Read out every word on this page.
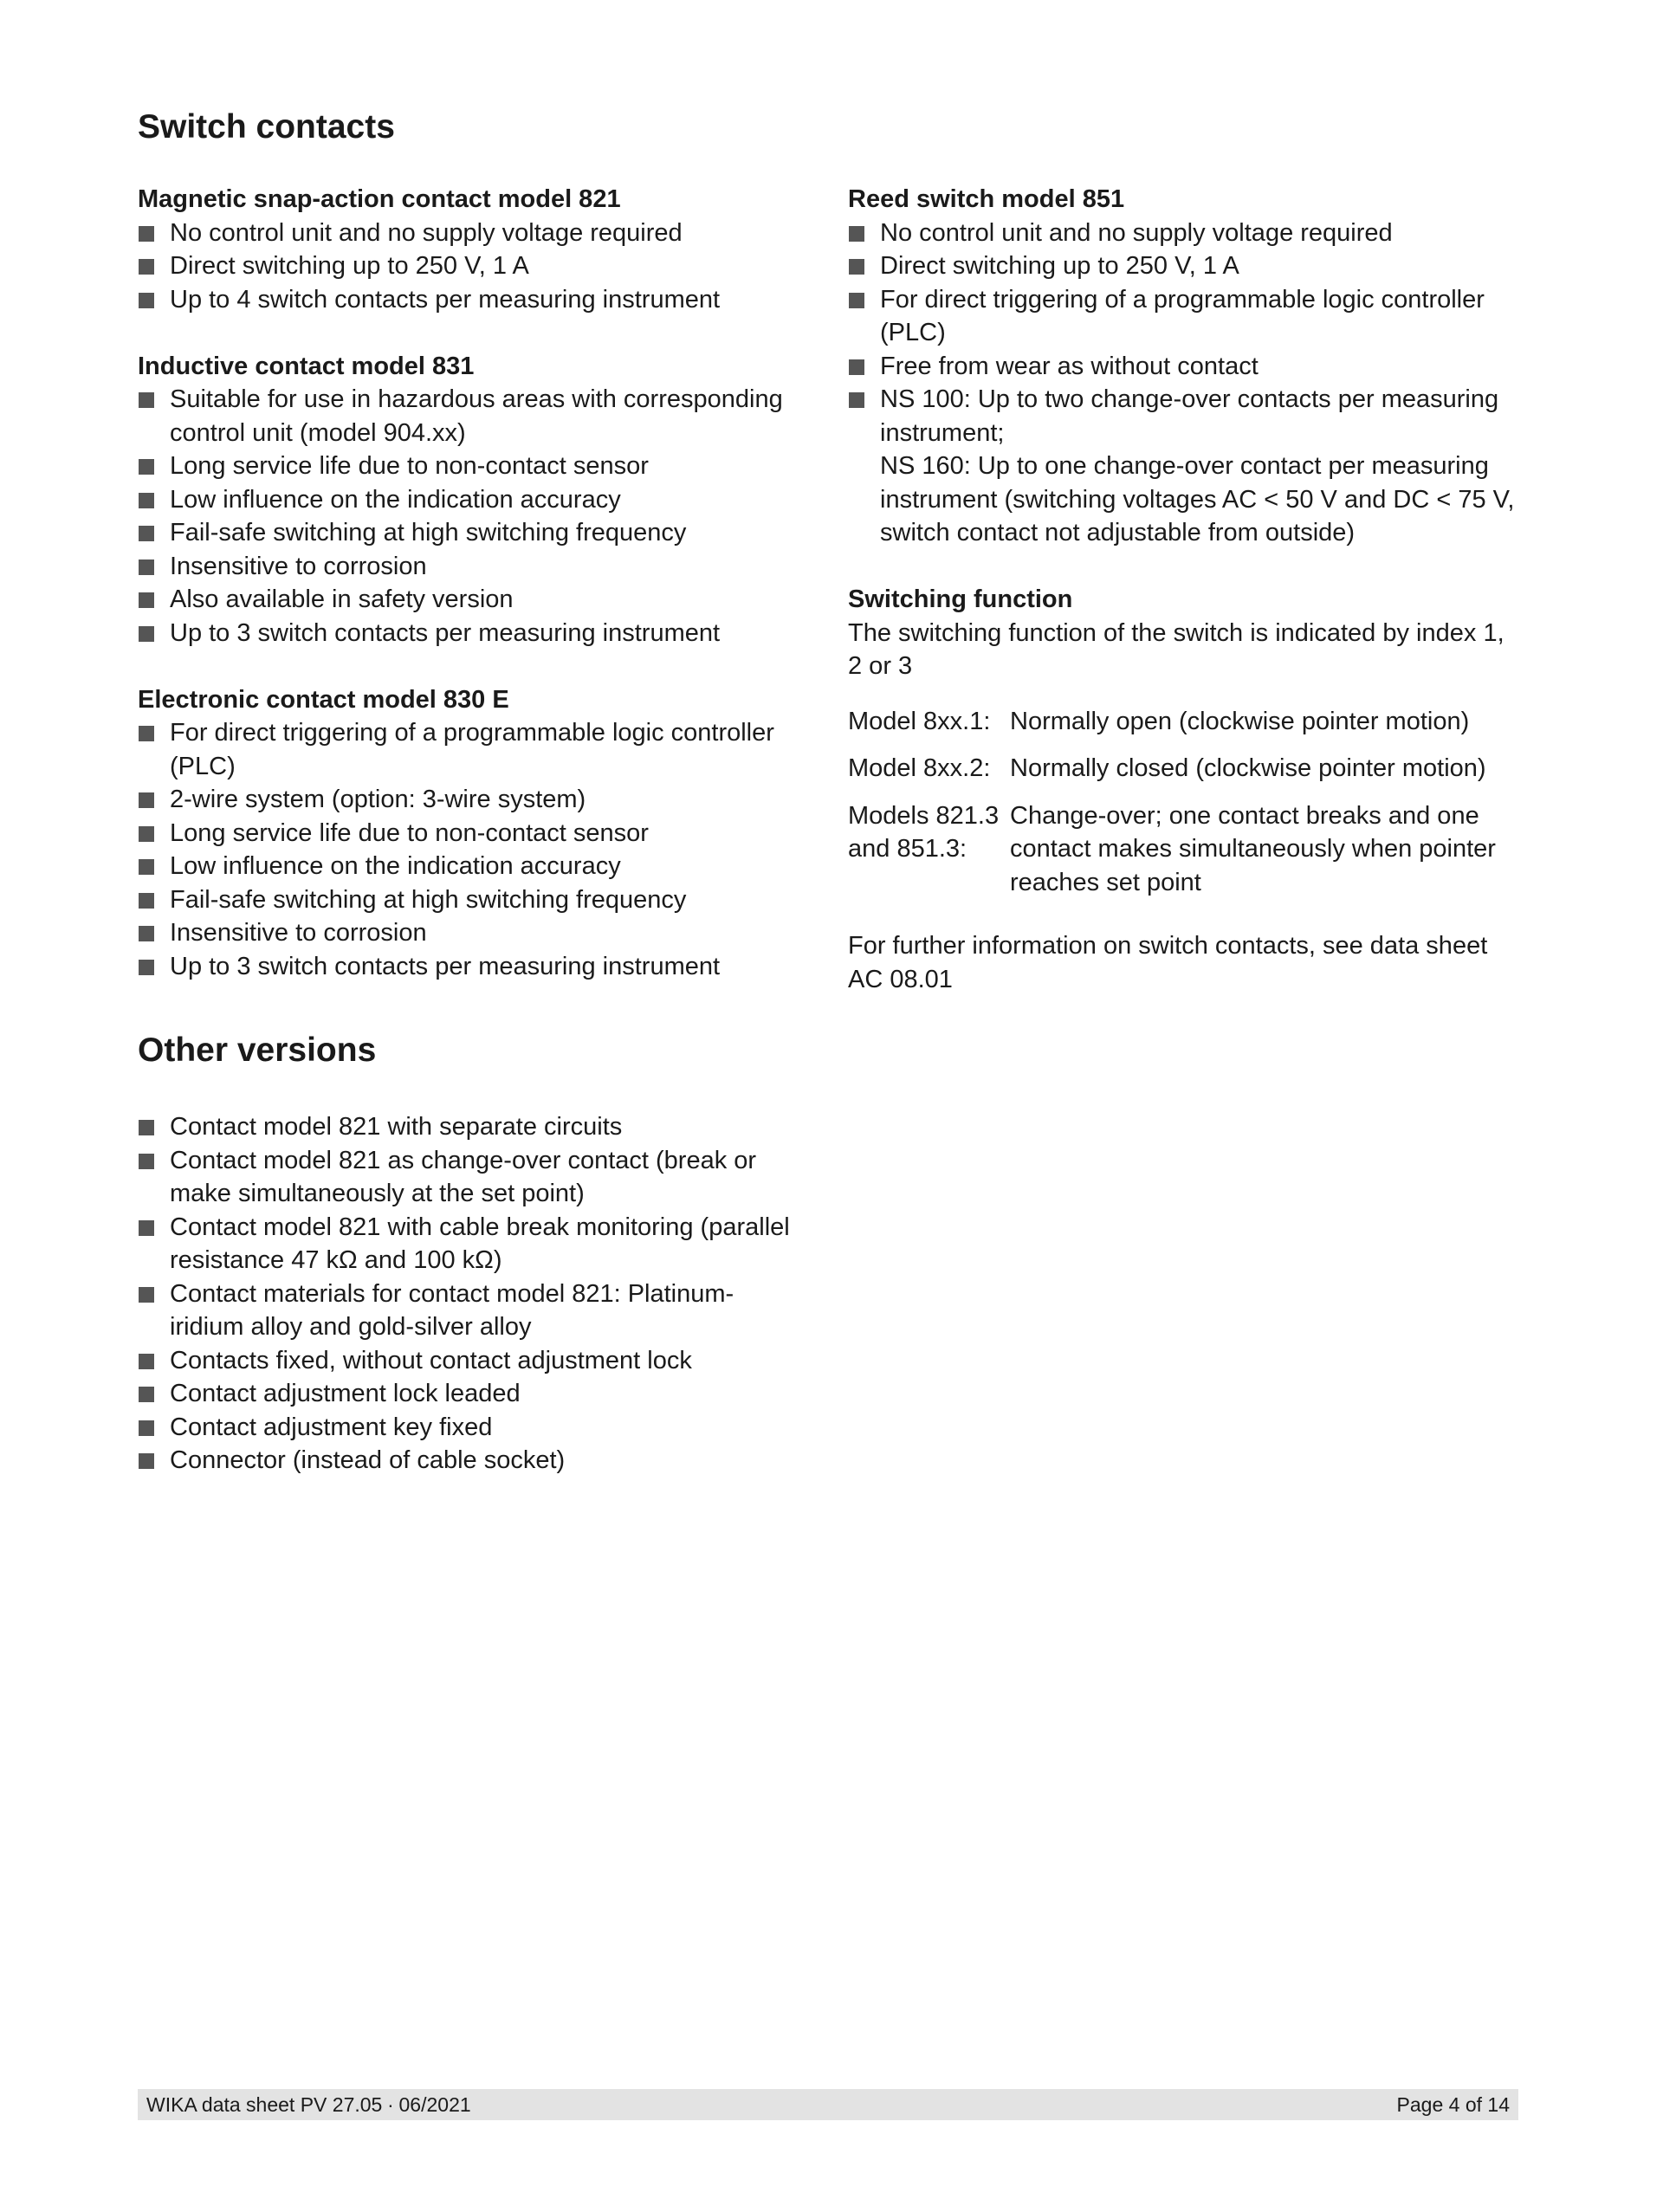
Switch contacts

Magnetic snap-action contact model 821

No control unit and no supply voltage required
Direct switching up to 250 V, 1 A
Up to 4 switch contacts per measuring instrument

Inductive contact model 831

Suitable for use in hazardous areas with corresponding control unit (model 904.xx)
Long service life due to non-contact sensor
Low influence on the indication accuracy
Fail-safe switching at high switching frequency
Insensitive to corrosion
Also available in safety version
Up to 3 switch contacts per measuring instrument

Electronic contact model 830 E

For direct triggering of a programmable logic controller (PLC)
2-wire system (option: 3-wire system)
Long service life due to non-contact sensor
Low influence on the indication accuracy
Fail-safe switching at high switching frequency
Insensitive to corrosion
Up to 3 switch contacts per measuring instrument
Other versions
Contact model 821 with separate circuits
Contact model 821 as change-over contact (break or make simultaneously at the set point)
Contact model 821 with cable break monitoring (parallel resistance 47 kΩ and 100 kΩ)
Contact materials for contact model 821: Platinum-iridium alloy and gold-silver alloy
Contacts fixed, without contact adjustment lock
Contact adjustment lock leaded
Contact adjustment key fixed
Connector (instead of cable socket)

Reed switch model 851

No control unit and no supply voltage required
Direct switching up to 250 V, 1 A
For direct triggering of a programmable logic controller (PLC)
Free from wear as without contact
NS 100: Up to two change-over contacts per measuring instrument;
NS 160: Up to one change-over contact per measuring instrument (switching voltages AC < 50 V and DC < 75 V, switch contact not adjustable from outside)

Switching function

The switching function of the switch is indicated by index 1, 2 or 3

Model 8xx.1:	Normally open (clockwise pointer motion)
Model 8xx.2:	Normally closed (clockwise pointer motion)
Models 821.3 and 851.3:	Change-over; one contact breaks and one contact makes simultaneously when pointer reaches set point

For further information on switch contacts, see data sheet AC 08.01

WIKA data sheet PV 27.05 ∙ 06/2021	Page 4 of 14
